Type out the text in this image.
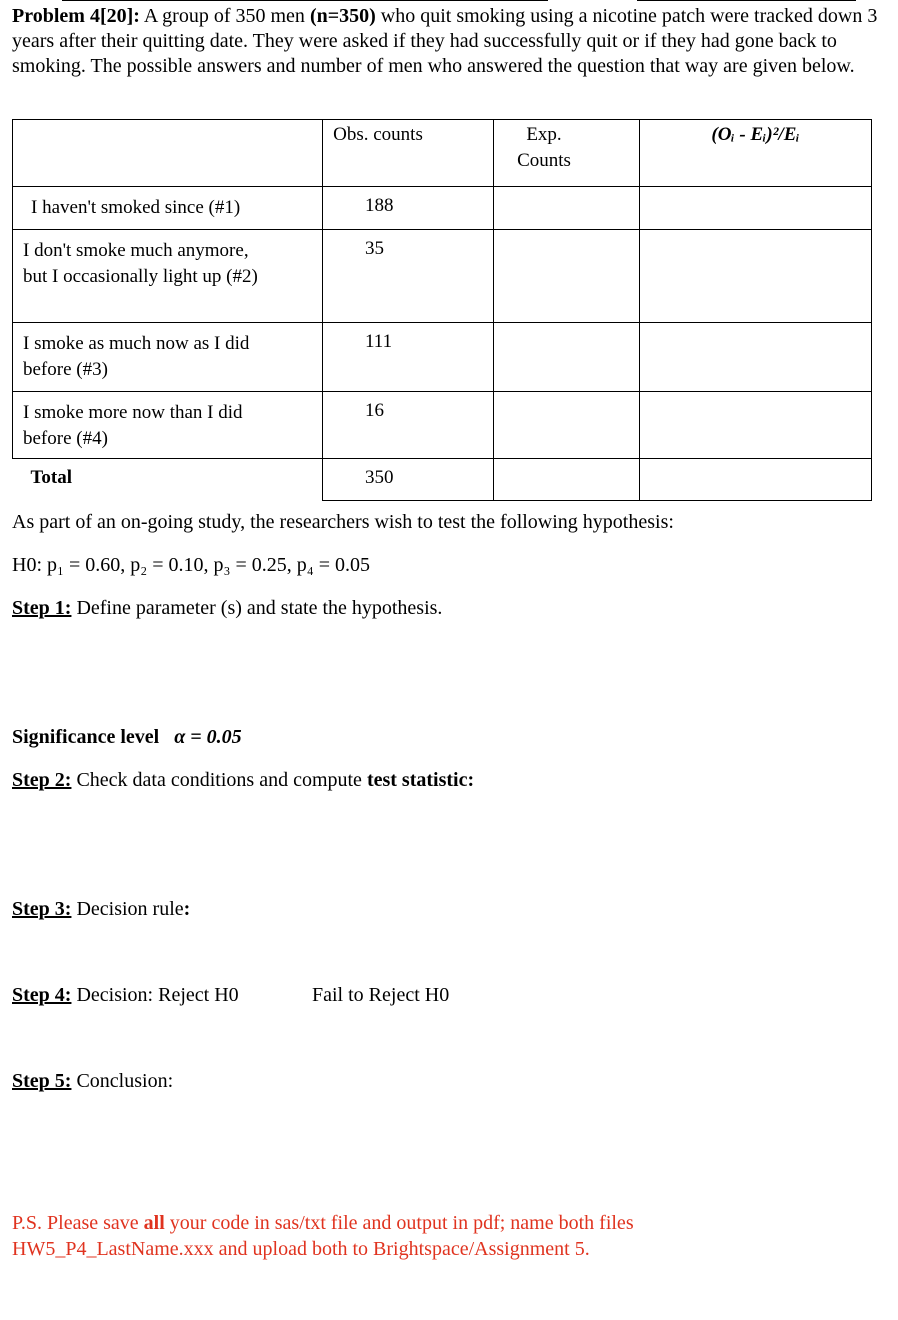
Problem 4[20]: A group of 350 men (n=350) who quit smoking using a nicotine patch were tracked down 3 years after their quitting date. They were asked if they had successfully quit or if they had gone back to smoking. The possible answers and number of men who answered the question that way are given below.

	Obs. counts	Exp. Counts	(Oᵢ - Eᵢ)²/Eᵢ

I haven't smoked since (#1)	188		

I don't smoke much anymore, but I occasionally light up (#2)	35		

I smoke as much now as I did before (#3)	111		

I smoke more now than I did before (#4)	16		

Total	350		

As part of an on-going study, the researchers wish to test the following hypothesis:
H0: p₁ = 0.60, p₂ = 0.10, p₃ = 0.25, p₄ = 0.05
Step 1: Define parameter (s) and state the hypothesis.
Significance level α = 0.05
Step 2: Check data conditions and compute test statistic:
Step 3: Decision rule:
Step 4: Decision: Reject H0	Fail to Reject H0
Step 5: Conclusion:
P.S. Please save all your code in sas/txt file and output in pdf; name both files
HW5_P4_LastName.xxx and upload both to Brightspace/Assignment 5.
